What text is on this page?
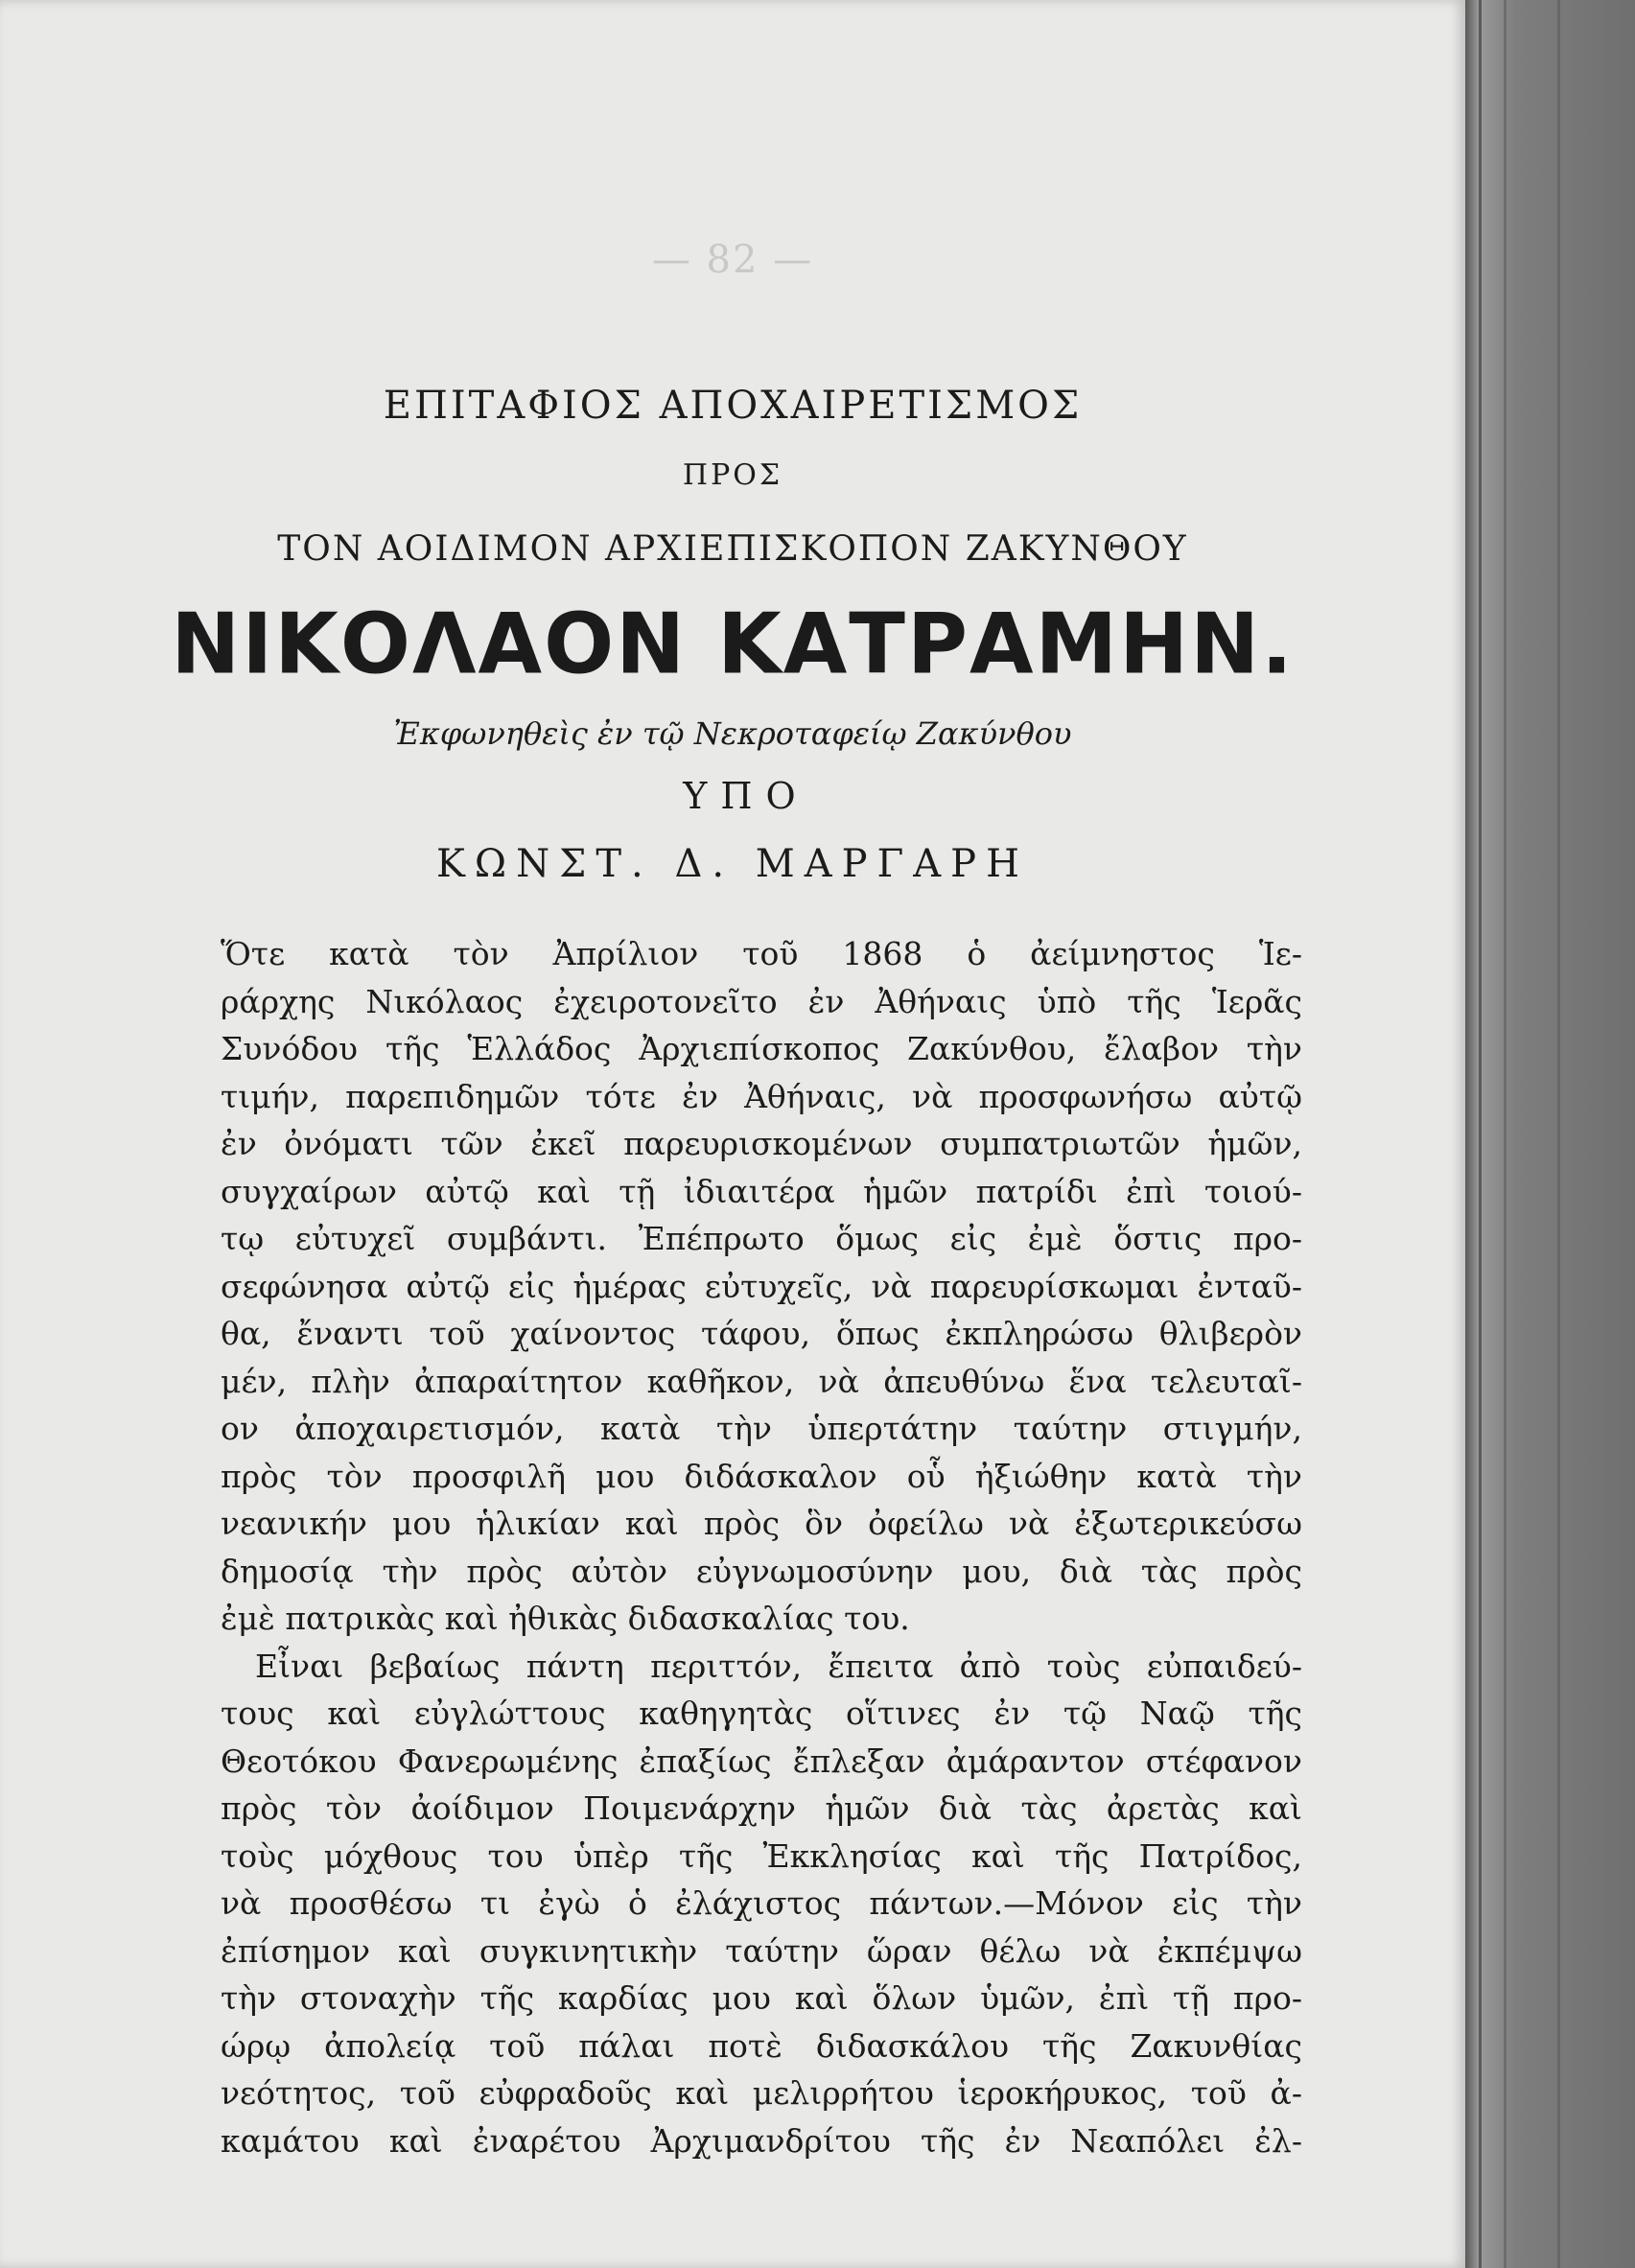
— 82 —
ΕΠΙΤΑΦΙΟΣ ΑΠΟΧΑΙΡΕΤΙΣΜΟΣ
ΠΡΟΣ
ΤΟΝ ΑΟΙΔΙΜΟΝ ΑΡΧΙΕΠΙΣΚΟΠΟΝ ΖΑΚΥΝΘΟΥ
ΝΙΚΟΛΑΟΝ ΚΑΤΡΑΜΗΝ.
Ἐκφωνηθεὶς ἐν τῷ Νεκροταφείῳ Ζακύνθου
ΥΠΟ
ΚΩΝΣΤ. Δ. ΜΑΡΓΑΡΗ
Ὅτε κατὰ τὸν Ἀπρίλιον τοῦ 1868 ὁ ἀείμνηστος Ἱε-
ράρχης Νικόλαος ἐχειροτονεῖτο ἐν Ἀθήναις ὑπὸ τῆς Ἱερᾶς
Συνόδου τῆς Ἑλλάδος Ἀρχιεπίσκοπος Ζακύνθου, ἔλαβον τὴν
τιμήν, παρεπιδημῶν τότε ἐν Ἀθήναις, νὰ προσφωνήσω αὐτῷ
ἐν ὀνόματι τῶν ἐκεῖ παρευρισκομένων συμπατριωτῶν ἡμῶν,
συγχαίρων αὐτῷ καὶ τῇ ἰδιαιτέρα ἡμῶν πατρίδι ἐπὶ τοιού-
τῳ εὐτυχεῖ συμβάντι. Ἐπέπρωτο ὅμως εἰς ἐμὲ ὅστις προ-
σεφώνησα αὐτῷ εἰς ἡμέρας εὐτυχεῖς, νὰ παρευρίσκωμαι ἐνταῦ-
θα, ἔναντι τοῦ χαίνοντος τάφου, ὅπως ἐκπληρώσω θλιβερὸν
μέν, πλὴν ἀπαραίτητον καθῆκον, νὰ ἀπευθύνω ἕνα τελευταῖ-
ον ἀποχαιρετισμόν, κατὰ τὴν ὑπερτάτην ταύτην στιγμήν,
πρὸς τὸν προσφιλῆ μου διδάσκαλον οὗ ἠξιώθην κατὰ τὴν
νεανικήν μου ἡλικίαν καὶ πρὸς ὃν ὀφείλω νὰ ἐξωτερικεύσω
δημοσίᾳ τὴν πρὸς αὐτὸν εὐγνωμοσύνην μου, διὰ τὰς πρὸς
ἐμὲ πατρικὰς καὶ ἠθικὰς διδασκαλίας του.
Εἶναι βεβαίως πάντη περιττόν, ἔπειτα ἀπὸ τοὺς εὐπαιδεύ-
τους καὶ εὐγλώττους καθηγητὰς οἵτινες ἐν τῷ Ναῷ τῆς
Θεοτόκου Φανερωμένης ἐπαξίως ἔπλεξαν ἀμάραντον στέφανον
πρὸς τὸν ἀοίδιμον Ποιμενάρχην ἡμῶν διὰ τὰς ἀρετὰς καὶ
τοὺς μόχθους του ὑπὲρ τῆς Ἐκκλησίας καὶ τῆς Πατρίδος,
νὰ προσθέσω τι ἐγὼ ὁ ἐλάχιστος πάντων.—Μόνον εἰς τὴν
ἐπίσημον καὶ συγκινητικὴν ταύτην ὥραν θέλω νὰ ἐκπέμψω
τὴν στοναχὴν τῆς καρδίας μου καὶ ὅλων ὑμῶν, ἐπὶ τῇ προ-
ώρῳ ἀπολείᾳ τοῦ πάλαι ποτὲ διδασκάλου τῆς Ζακυνθίας
νεότητος, τοῦ εὐφραδοῦς καὶ μελιρρήτου ἱεροκήρυκος, τοῦ ἀ-
καμάτου καὶ ἐναρέτου Ἀρχιμανδρίτου τῆς ἐν Νεαπόλει ἐλ-
